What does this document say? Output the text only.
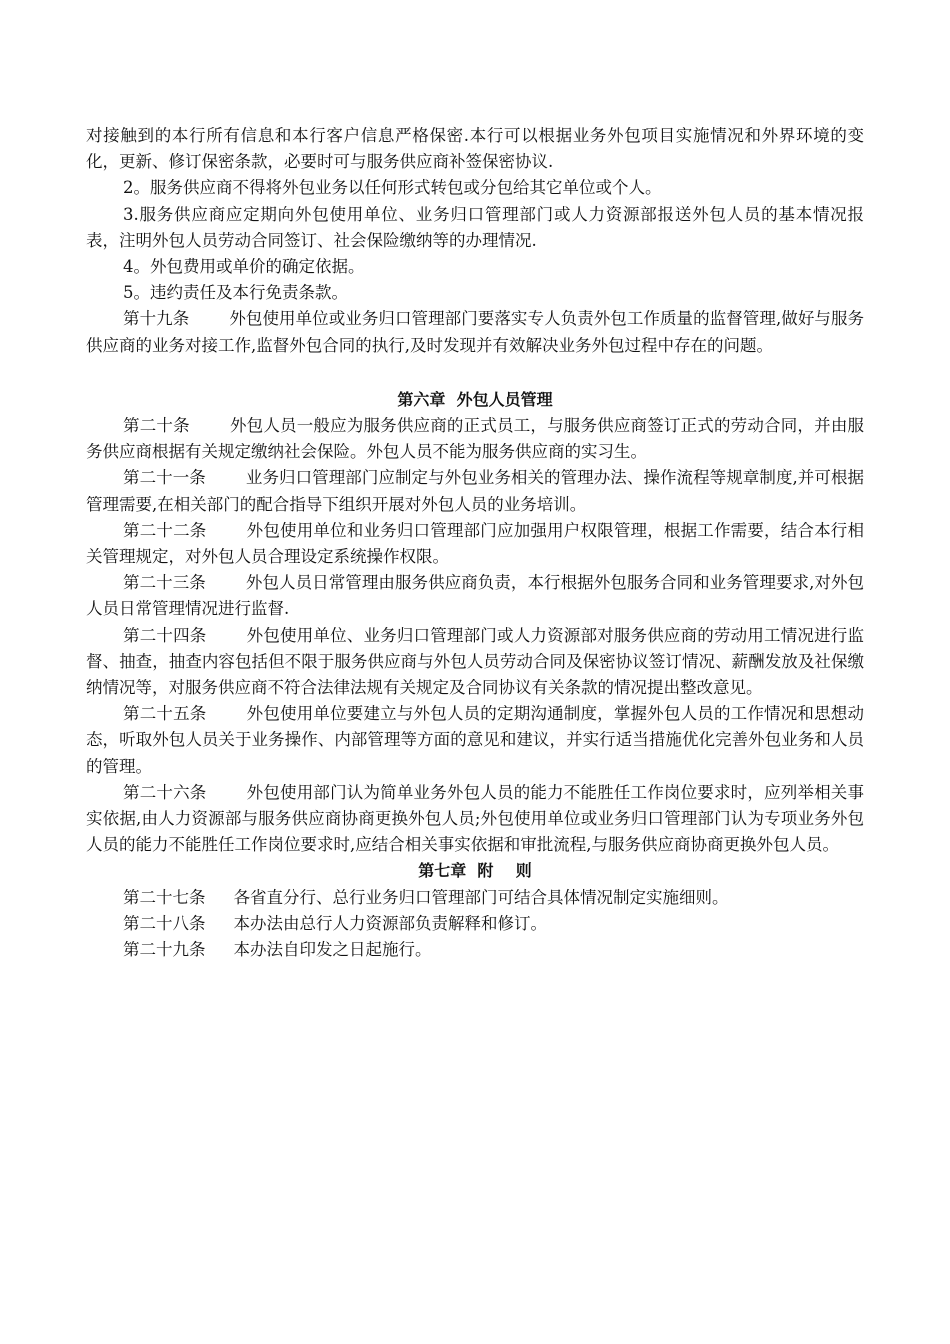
对接触到的本行所有信息和本行客户信息严格保密.本行可以根据业务外包项目实施情况和外界环境的变化，更新、修订保密条款，必要时可与服务供应商补签保密协议.

2。服务供应商不得将外包业务以任何形式转包或分包给其它单位或个人。

3.服务供应商应定期向外包使用单位、业务归口管理部门或人力资源部报送外包人员的基本情况报表，注明外包人员劳动合同签订、社会保险缴纳等的办理情况.

4。外包费用或单价的确定依据。

5。违约责任及本行免责条款。

第十九条 外包使用单位或业务归口管理部门要落实专人负责外包工作质量的监督管理,做好与服务供应商的业务对接工作,监督外包合同的执行,及时发现并有效解决业务外包过程中存在的问题。

第六章  外包人员管理

第二十条 外包人员一般应为服务供应商的正式员工，与服务供应商签订正式的劳动合同，并由服务供应商根据有关规定缴纳社会保险。外包人员不能为服务供应商的实习生。

第二十一条 业务归口管理部门应制定与外包业务相关的管理办法、操作流程等规章制度,并可根据管理需要,在相关部门的配合指导下组织开展对外包人员的业务培训。

第二十二条 外包使用单位和业务归口管理部门应加强用户权限管理，根据工作需要，结合本行相关管理规定，对外包人员合理设定系统操作权限。

第二十三条 外包人员日常管理由服务供应商负责，本行根据外包服务合同和业务管理要求,对外包人员日常管理情况进行监督.

第二十四条 外包使用单位、业务归口管理部门或人力资源部对服务供应商的劳动用工情况进行监督、抽查，抽查内容包括但不限于服务供应商与外包人员劳动合同及保密协议签订情况、薪酬发放及社保缴纳情况等，对服务供应商不符合法律法规有关规定及合同协议有关条款的情况提出整改意见。

第二十五条 外包使用单位要建立与外包人员的定期沟通制度，掌握外包人员的工作情况和思想动态，听取外包人员关于业务操作、内部管理等方面的意见和建议，并实行适当措施优化完善外包业务和人员的管理。

第二十六条 外包使用部门认为简单业务外包人员的能力不能胜任工作岗位要求时，应列举相关事实依据,由人力资源部与服务供应商协商更换外包人员;外包使用单位或业务归口管理部门认为专项业务外包人员的能力不能胜任工作岗位要求时,应结合相关事实依据和审批流程,与服务供应商协商更换外包人员。

第七章  附    则

第二十七条 各省直分行、总行业务归口管理部门可结合具体情况制定实施细则。

第二十八条 本办法由总行人力资源部负责解释和修订。

第二十九条 本办法自印发之日起施行。
